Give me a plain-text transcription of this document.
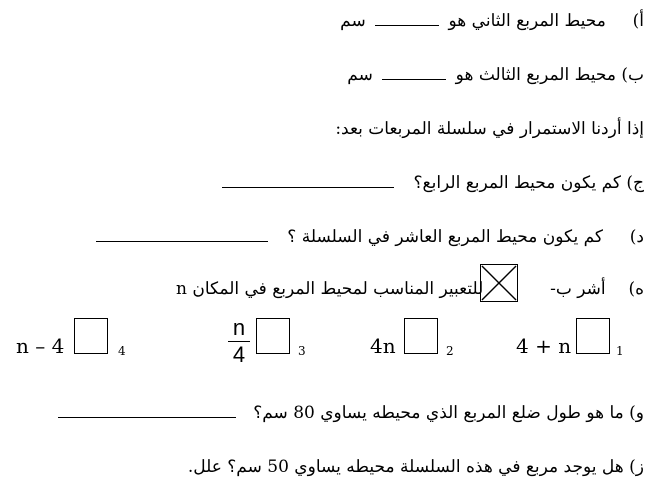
أ)  محيط المربع الثاني هو  سم
ب) محيط المربع الثالث هو  سم
إذا أردنا الاستمرار في سلسلة المربعات بعد:
ج) كم يكون محيط المربع الرابع؟
د)  كم يكون محيط المربع العاشر في السلسلة ؟
ه)  أشر ب-  للتعبير المناسب لمحيط المربع في المكان n
4 + n	1
4n	2
n
4	3
n – 4	4
و) ما هو طول ضلع المربع الذي محيطه يساوي 80 سم؟
ز) هل يوجد مربع في هذه السلسلة محيطه يساوي 50 سم؟ علل.
